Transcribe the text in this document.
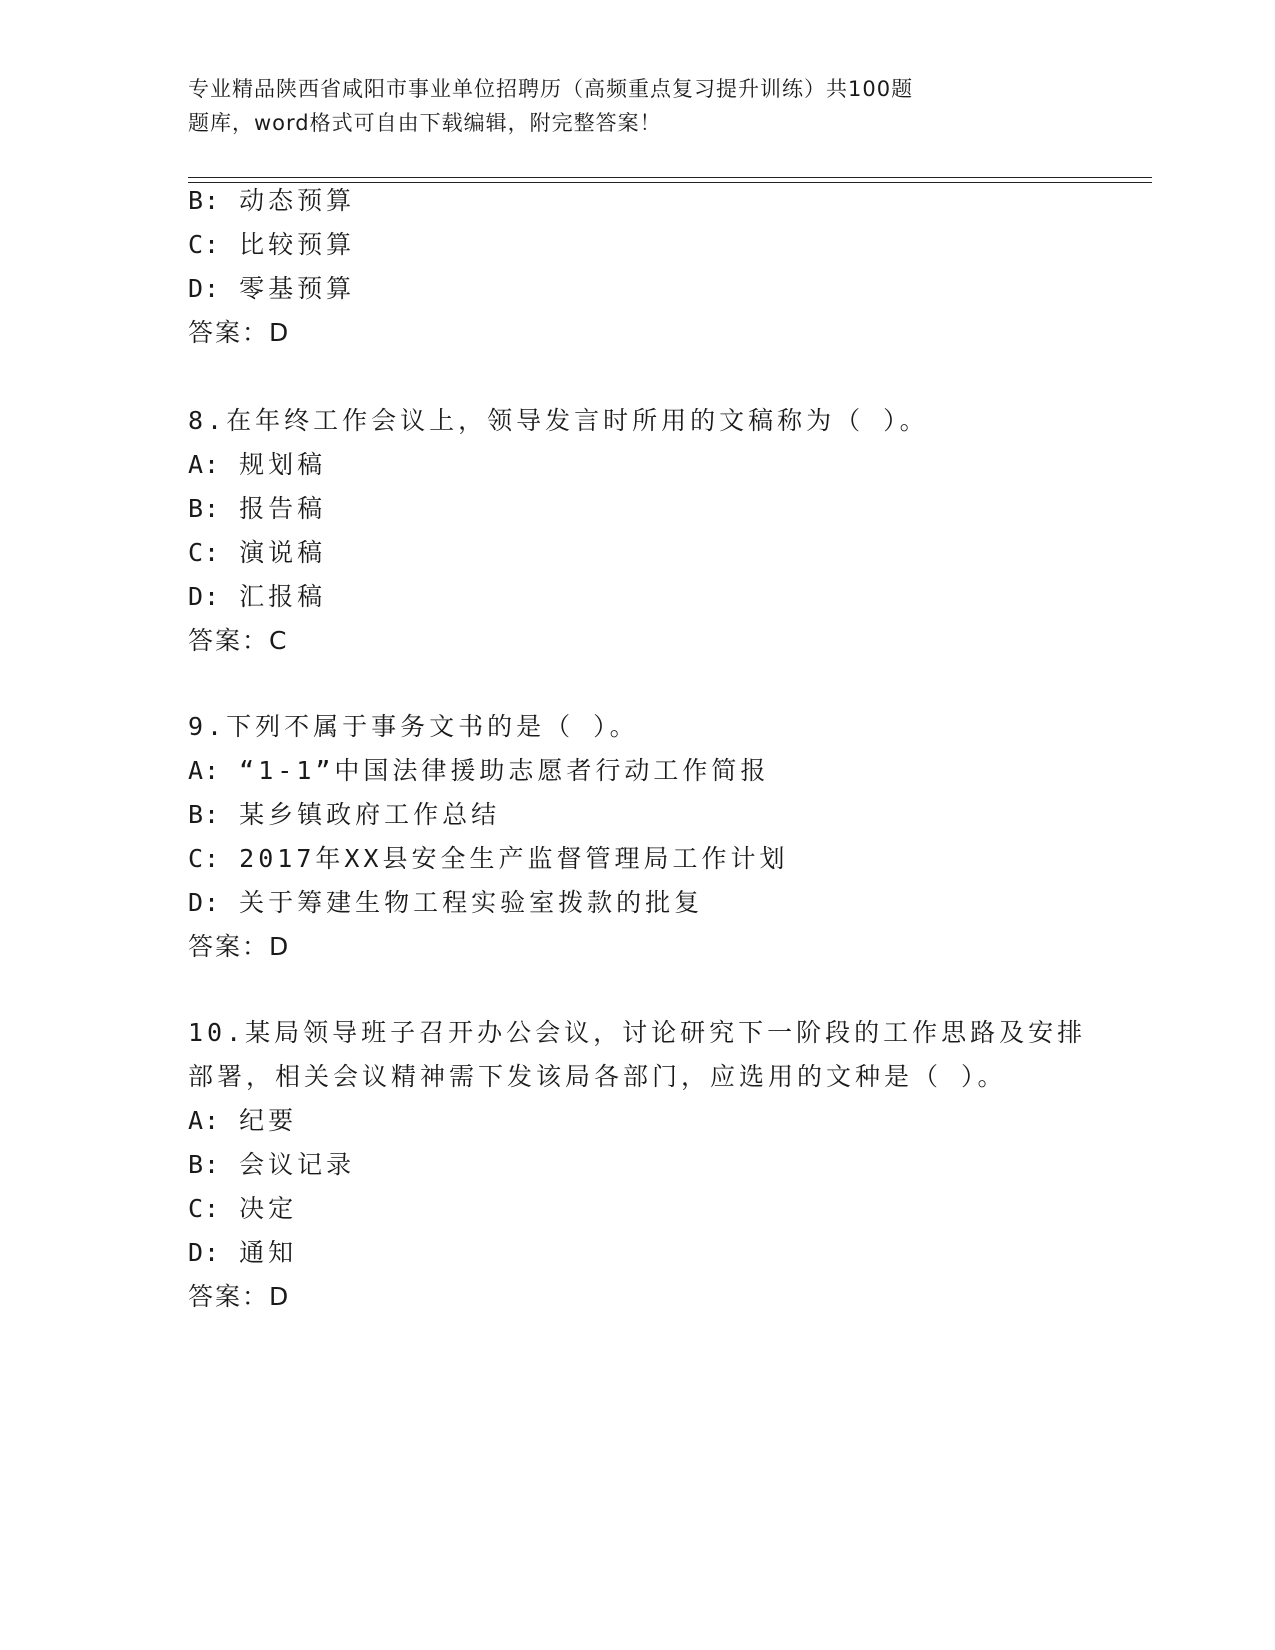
专业精品陕西省咸阳市事业单位招聘历（高频重点复习提升训练）共100题
题库，word格式可自由下载编辑，附完整答案！
B: 动态预算
C: 比较预算
D: 零基预算
答案：D
8.在年终工作会议上，领导发言时所用的文稿称为（ ）。
A: 规划稿
B: 报告稿
C: 演说稿
D: 汇报稿
答案：C
9.下列不属于事务文书的是（ ）。
A: “1-1”中国法律援助志愿者行动工作简报
B: 某乡镇政府工作总结
C: 2017年XX县安全生产监督管理局工作计划
D: 关于筹建生物工程实验室拨款的批复
答案：D
10.某局领导班子召开办公会议，讨论研究下一阶段的工作思路及安排
部署，相关会议精神需下发该局各部门，应选用的文种是（ ）。
A: 纪要
B: 会议记录
C: 决定
D: 通知
答案：D
